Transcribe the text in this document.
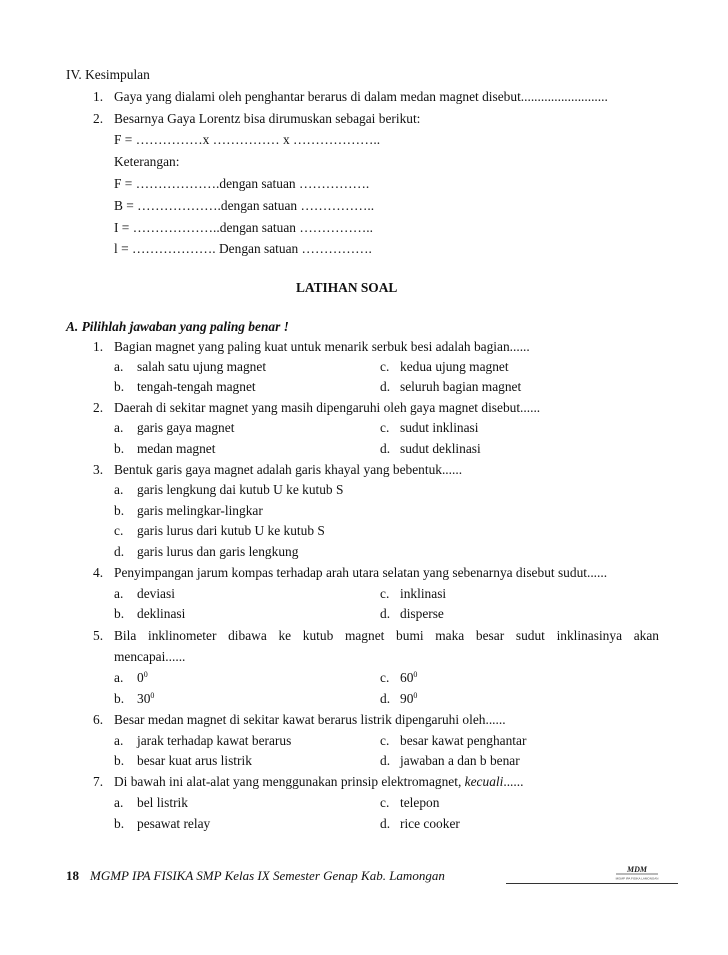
IV. Kesimpulan
1. Gaya yang dialami oleh penghantar berarus di dalam medan magnet disebut..........................
2. Besarnya Gaya Lorentz bisa dirumuskan sebagai berikut:
F = ……………x …………… x ………………..
Keterangan:
F = ……………….dengan satuan …………….
B = ……………….dengan satuan ……………..
I = ………………..dengan satuan ……………..
l = ………………. Dengan satuan …………….
LATIHAN SOAL
A. Pilihlah jawaban yang paling benar !
1. Bagian magnet yang paling kuat untuk menarik serbuk besi adalah bagian......
a. salah satu ujung magnet	c. kedua ujung magnet
b. tengah-tengah magnet	d. seluruh bagian magnet
2. Daerah di sekitar magnet yang masih dipengaruhi oleh gaya magnet disebut......
a. garis gaya magnet	c. sudut inklinasi
b. medan magnet	d. sudut deklinasi
3. Bentuk garis gaya magnet adalah garis khayal yang bebentuk......
a. garis lengkung dai kutub U ke kutub S
b. garis melingkar-lingkar
c. garis lurus dari kutub U ke kutub S
d. garis lurus dan garis lengkung
4. Penyimpangan jarum kompas terhadap arah utara selatan yang sebenarnya disebut sudut......
a. deviasi	c. inklinasi
b. deklinasi	d. disperse
5. Bila inklinometer dibawa ke kutub magnet bumi maka besar sudut inklinasinya akan
mencapai......
a. $0^0$	c. $60^0$
b. $30^0$	d. $90^0$
6. Besar medan magnet di sekitar kawat berarus listrik dipengaruhi oleh......
a. jarak terhadap kawat berarus	c. besar kawat penghantar
b. besar kuat arus listrik	d. jawaban a dan b benar
7. Di bawah ini alat-alat yang menggunakan prinsip elektromagnet, kecuali......
a. bel listrik	c. telepon
b. pesawat relay	d. rice cooker
18 MGMP IPA FISIKA SMP Kelas IX Semester Genap Kab. Lamongan	MDM
MGMP IPA FISIKA LAMONGAN
